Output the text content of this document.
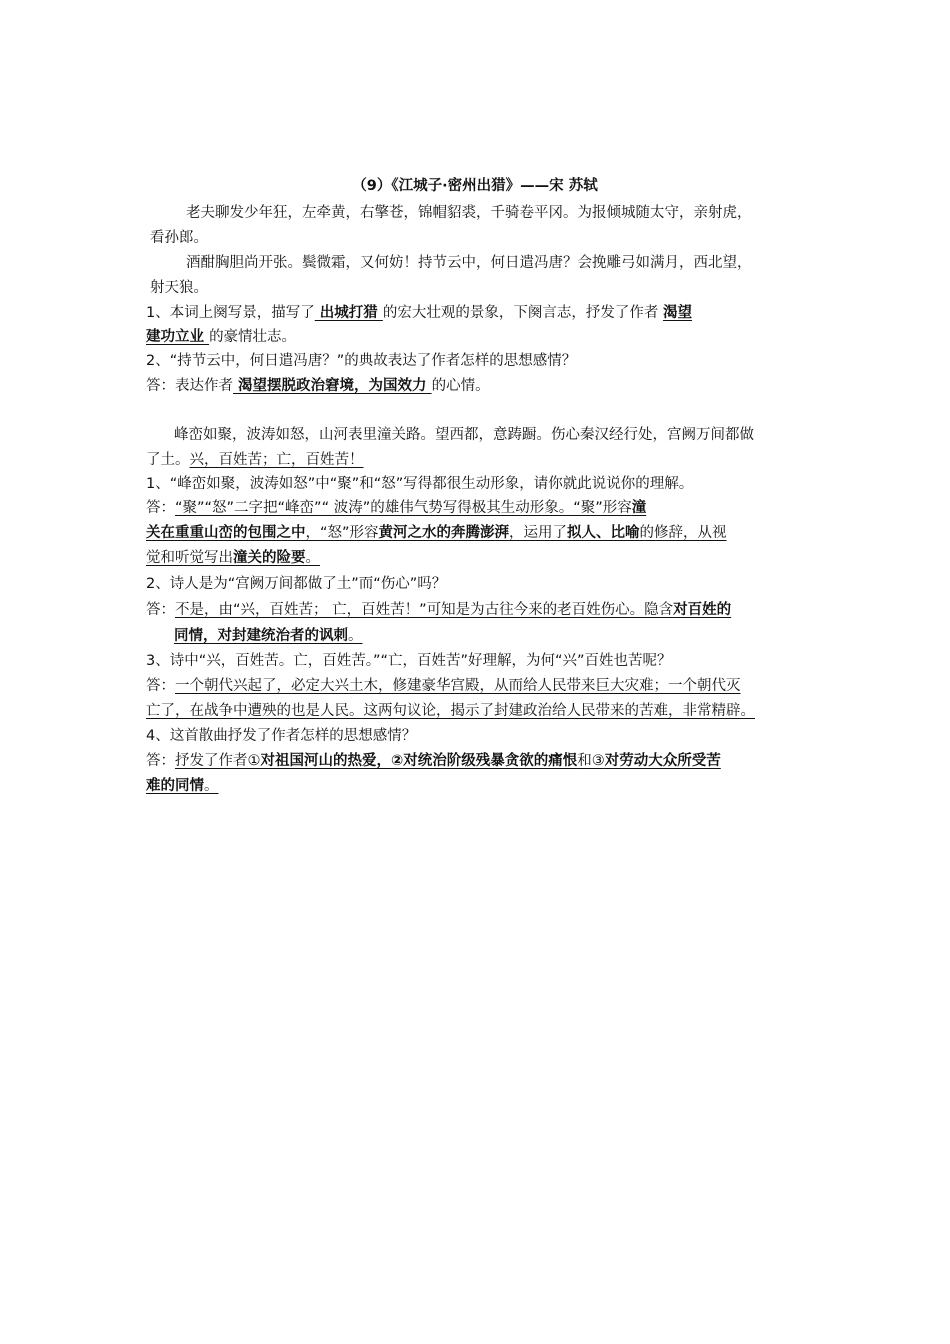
（9）《江城子·密州出猎》——宋 苏轼
老夫聊发少年狂，左牵黄，右擎苍，锦帽貂裘，千骑卷平冈。为报倾城随太守，亲射虎，
看孙郎。
酒酣胸胆尚开张。鬓微霜，又何妨！持节云中，何日遣冯唐？会挽雕弓如满月，西北望，
射天狼。
1、本词上阕写景，描写了 出城打猎 的宏大壮观的景象，下阕言志，抒发了作者 渴望
建功立业 的豪情壮志。
2、“持节云中，何日遣冯唐？”的典故表达了作者怎样的思想感情？
答：表达作者 渴望摆脱政治窘境，为国效力 的心情。
峰峦如聚，波涛如怒，山河表里潼关路。望西都，意踌蹰。伤心秦汉经行处，宫阙万间都做
了土。兴，百姓苦；亡，百姓苦！
1、“峰峦如聚，波涛如怒”中“聚”和“怒”写得都很生动形象，请你就此说说你的理解。
答：“聚”“怒”二字把“峰峦”“ 波涛”的雄伟气势写得极其生动形象。“聚”形容潼
关在重重山峦的包围之中，“怒”形容黄河之水的奔腾澎湃，运用了拟人、比喻的修辞，从视
觉和听觉写出潼关的险要。
2、诗人是为“宫阙万间都做了土”而“伤心”吗？
答：不是，由“兴，百姓苦； 亡，百姓苦！”可知是为古往今来的老百姓伤心。隐含对百姓的
同情，对封建统治者的讽刺。
3、诗中“兴，百姓苦。亡，百姓苦。”“亡，百姓苦”好理解，为何“兴”百姓也苦呢？
答：一个朝代兴起了，必定大兴土木，修建豪华宫殿，从而给人民带来巨大灾难；一个朝代灭
亡了，在战争中遭殃的也是人民。这两句议论，揭示了封建政治给人民带来的苦难，非常精辟。
4、这首散曲抒发了作者怎样的思想感情？
答：抒发了作者①对祖国河山的热爱，②对统治阶级残暴贪欲的痛恨和③对劳动大众所受苦
难的同情。
